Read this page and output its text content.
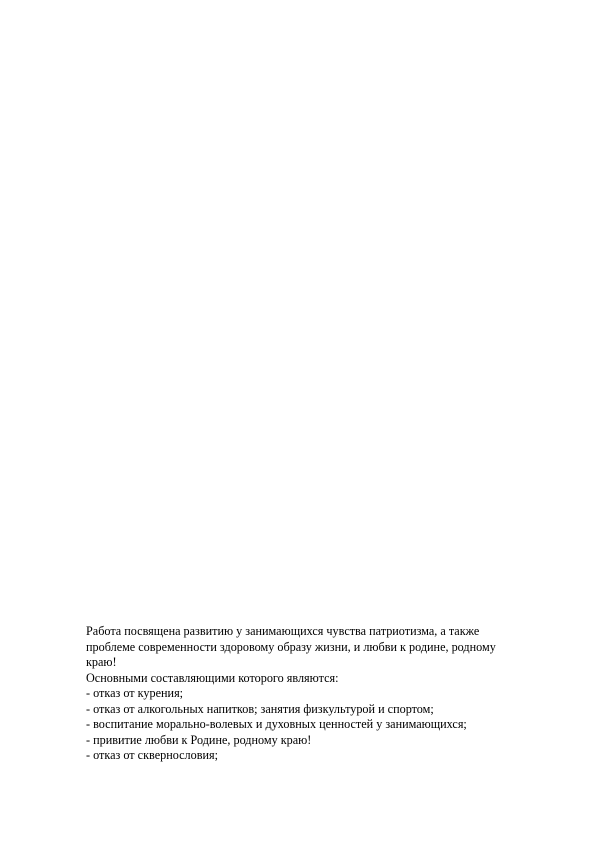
Работа посвящена развитию у занимающихся чувства патриотизма, а также
проблеме современности здоровому образу жизни, и любви к родине, родному
краю!
Основными составляющими которого являются:
- отказ от курения;
- отказ от алкогольных напитков; занятия физкультурой и спортом;
- воспитание морально-волевых и духовных ценностей у занимающихся;
- привитие любви к Родине, родному краю!
- отказ от сквернословия;
